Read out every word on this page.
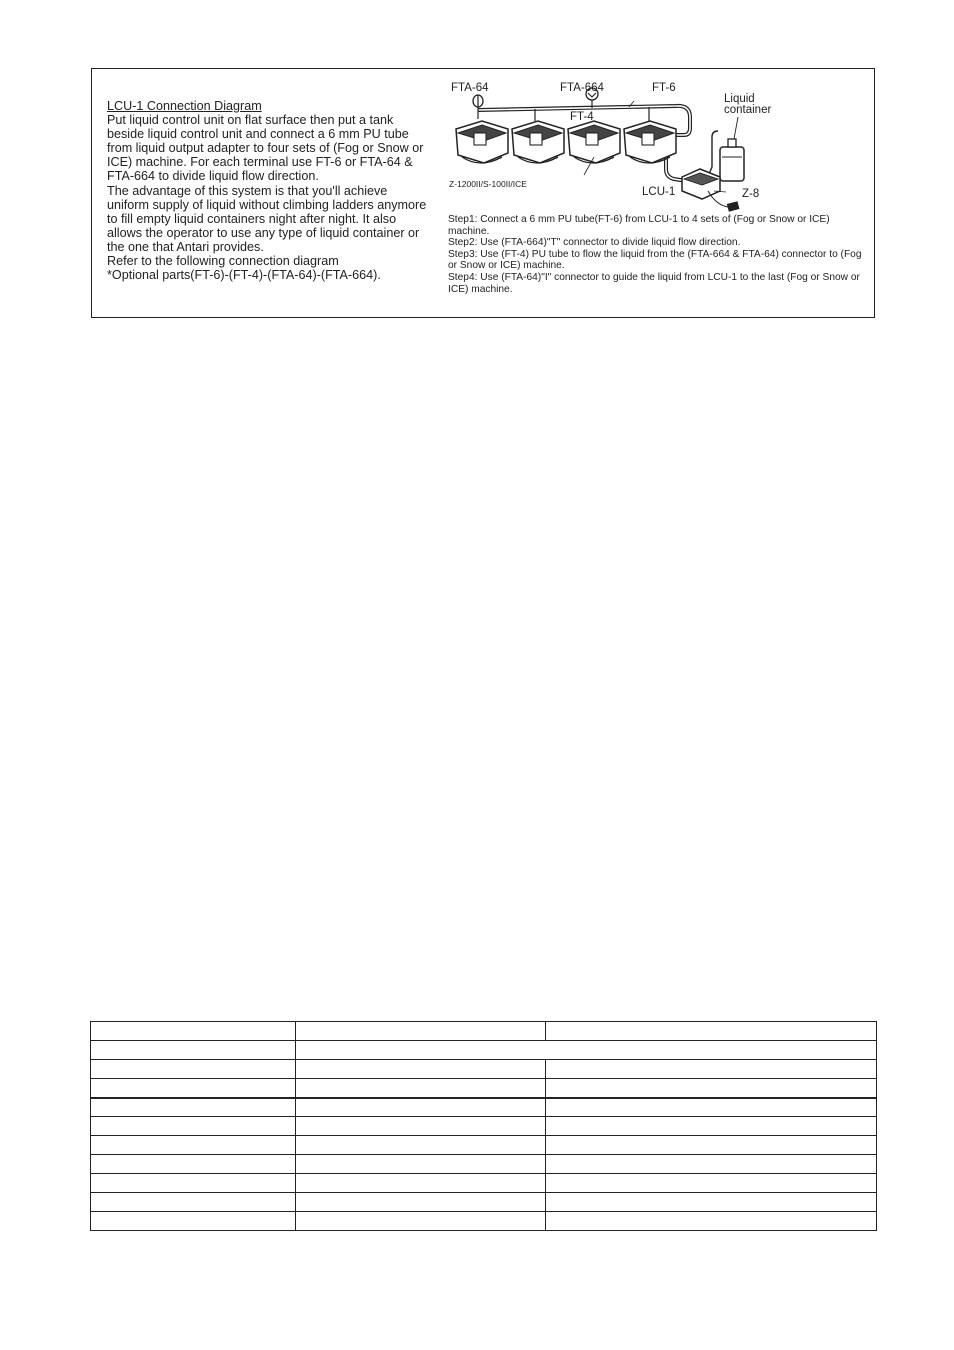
LCU-1 Connection Diagram

Put liquid control unit on flat surface then put a tank beside liquid control unit and connect a 6 mm PU tube from liquid output adapter to four sets of (Fog or Snow or ICE) machine. For each terminal use FT-6 or FTA-64 & FTA-664 to divide liquid flow direction.

The advantage of this system is that you'll achieve uniform supply of liquid without climbing ladders anymore to fill empty liquid containers night after night. It also allows the operator to use any type of liquid container or the one that Antari provides.

Refer to the following connection diagram

*Optional parts(FT-6)-(FT-4)-(FTA-64)-(FTA-664).

FTA-64	FTA-664	FT-6
FT-4
Liquid
container
Z-1200II/S-100II/ICE
LCU-1	Z-8

Step1: Connect a 6 mm PU tube(FT-6) from LCU-1 to 4 sets of (Fog or Snow or ICE) machine.

Step2: Use (FTA-664)"T" connector to divide liquid flow direction.

Step3: Use (FT-4) PU tube to flow the liquid from the (FTA-664 & FTA-64) connector to (Fog or Snow or ICE) machine.

Step4: Use (FTA-64)"I" connector to guide the liquid from LCU-1 to the last (Fog or Snow or ICE) machine.
